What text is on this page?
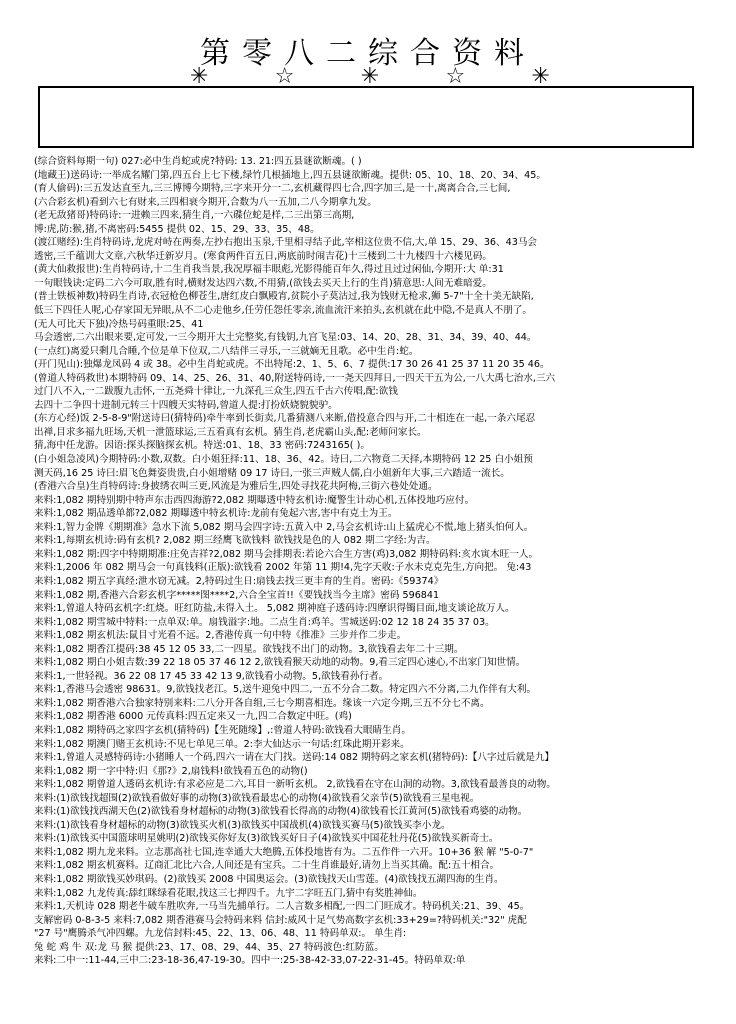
第零八二综合资料
✳	☆	✳	☆	✳
(综合资料每期一句) 027:必中生肖蛇或虎?特码: 13. 21:四五县谜欲断魂。( )
(地藏王)送码诗:一举成名耀门第,四五台上七下楼,绿竹几根插地上,四五县谜欲断魂。提供: 05、10、18、20、34、45。
(育人偷码):三五发达直至九,三三博博今期特,三字来开分一二,玄机藏得四七合,四字加三,是一十,离离合合,三七间,
(六合彩玄机)看到六七有财来,三四相衰今期开,合数为八一五加,二八今期拿九发。
(老无敌猪哥)特码诗:一进赖三四来,猜生肖,一六碟位蛇是样,二三出第三高期,
博:虎,防:猴,猪,不离密码:5455 提供 02、15、29、33、35、48。
(渡江赌经):生肖特码诗,龙虎对峙在两奏,左抄右抱出玉泉,千里相寻结子此,宰相这位贵不信,大,单 15、29、36、43马会
透密,三千蕴训大文章,六秋华迁新岁月。(寒食两件百五日,两底前时闹吉花)十三楼到二十九楼四十六楼见码。
(黄大仙救报世):生肖特码诗,十二生肖我当景,我况厚福丰眼彪,光影得能百年久,得过且过过闲仙,今期开:大 单:31
一句眼钱诀:定码二六今可取,胜有时,横财发达四六数,不用猜,(欲钱去买天上行的生肖)猜意思:人间无难暗爱。
(普土铁板神数)特码生肖诗,衣冠枪色柳苍生,唐红皮白飘殿宵,贫院小子莫沽过,我为钱财无枪求,狮 5-7"十全十美无缺陷,
低三下四任人呢,心存家国无异眼,从不二心走他乡,任劳任怨任零亲,流血流汗来拍头,玄机就在此中隐,不是真人不朋了。
(无人可比天下独)冷热号码重眼:25、41
马会透密,二六出眼来要,定可发,一三今期开大土完整奖,有钱钥,九宫飞星:03、14、20、28、31、34、39、40、44。
(一点红)离爱只剩几合睡,个位是单下位双,二八结伴三寻乐,一三就嫡无且歌。必中生肖:蛇。
(开门见山):独爆龙凤码 4 或 38。必中生肖蛇或虎。不出特尾:2、1、5、6、7 提供:17 30 26 41 25 37 11 20 35 46。
(曾道人特码救世)本期特码 09、14、25、26、31、40,附送特码诗,一一尧天四拜日,一四天干五为公,一八大禹七治水,三六
过门八不入,一二跋腹九击怀,一五尧舜十律让,一九深孔三众生,四五千古六传唱,配:欲钱
去四十二争四十进制元转三十四艘天实特码,曾道人提:打扮妖娆貌貌驴。
(东方心经)饭 2-5-8-9"附送诗曰(猜特码)牵牛率到长街卖,几番猜测八来断,借投意合四与开,二十相连在一起,一条六尾忍
出禅,目求多福九旺场,天机一泄篮球运,三五看真有玄机。猜生肖,老虎霸山头,配:老师问家长。
猜,海中任龙游。因语:探头探脑探玄机。特送:01、18、33 密码:7243165( )。
(白小姐急凌风)今期特码:小数,双数。白小姐狂择:11、18、36、42。诗曰,二六物竟二天择,本期特码 12 25 白小姐预
测天码,16 25 诗曰:眉飞色舞姿贵贵,白小姐增赌 09 17 诗曰,一张三声贼人儒,白小姐新年大事,三六踏适一流长。
(香港六合皇)生肖特码诗:身披绣衣叫三更,风流是为雅后生,四处寻找花共阿梅,三街六巷处处通。
来料:1,082 期特别期中特声东击西四海游?2,082 期曝透中特玄机诗:魔警生计动心机,五体投地巧应付。
来料:1,082 期品透单都?2,082 期曝透中特玄机诗:龙前有兔起六害,害中有克土为王。
来料:1,智力金牌《期期准》急水下流 5,082 期马会四字诗:五黄入中 2,马会玄机诗:山上猛虎心不慌,地上猪头怕何人。
来料:1,每期玄机诗:码有玄机? 2,082 期三经鹰飞欲钱料 欲钱找是色的人 082 期二字经:为吉。
来料:1,082 期:四字中特期期准:庄免吉祥?2,082 期马会排期表:若论六合生方害(鸡)3,082 期特码料:亥水寅木旺一人。
来料:1,2006 年 082 期马会一句真钱料(正版):欲钱看 2002 年第 11 期!4,先字天收:子水未克克先生,方向把。 兔:43
来料:1,082 期五字真经:泄水窃无减。2,特码过生日:扇钱去找三更丰育的生肖。密码:《59374》
来料:1,082 期,香港六合彩玄机字*****图****2,六合全宝首!!《要钱找当今主席》密码 596841
来料:1,曾道人特码玄机字:红烧。旺红防盐,未得入土。 5,082 期神庭子透码诗:四摩识得镯目面,地支谈论故万人。
来料:1,082 期雪城中特料:一点单双:单。扇钱溢字:地。二点生肖:鸡羊。雪城送码:02 12 18 24 35 37 03。
来料:1,082 期玄机法:鼠目寸光看不远。2,香港传真一句中特《推准》三步并作二步走。
来料:1,082 期香江提码:38 45 12 05 33,二一四星。欲钱找不出门的动物。3,欲钱看去年二十三期。
来料:1,082 期白小姐吉数:39 22 18 05 37 46 12 2,欲钱看猴天动地的动物。9,看三定四心速心,不出家门知世情。
来料:1,一世轻视。36 22 08 17 45 33 42 13 9,欲钱看小动物。5,欲钱看孙行者。
来料:1,香港马会透密 98631。9,欲钱找老江。5,送牛迎兔中四二,一五不分合二数。特定四六不分离,二九作伴有大利。
来料:1,082 期香港六合独家特别来料:二八分开各自组,三七今期喜相连。缘该一六定今期,三五不分七不离。
来料:1,082 期香港 6000 元传真料:四五定来又一九,四二合数定中旺。(鸡)
来料:1,082 期特码之家四字玄机(猜特码)【生死随缘】,:曾道人特码:欲钱看大眼睛生肖。
来料:1,082 期澳门赌王玄机诗:不见七单见三单。2:李大仙达示一句话:红珠此期开彩来。
来料:1,曾道人灵感特码诗:小猪睡人一个码,四六一请在大门找。送码:14 082 期特码之家玄机(猪特码):【八字过后就是九】
来料:1,082 期一字中特:归《那?》2,扇钱料!欲钱看五色的动物()
来料:1,082 期曾道人透码玄机诗:有求必应是二六,耳目一新听玄机。 2,欲钱看在守在山洞的动物。3,欲钱看最善良的动物。
来料:(1)欲钱找超围(2)欲钱看做好事的动物(3)欲钱看最忠心的动物(4)欲钱看父亲节(5)欲钱看三星电视。
来料:(1)欲钱找西湖天色(2)欲钱看身材超标的动物(3)欲钱看长得高的动物(4)欲钱看长江黄河(5)欲钱看鸡婆的动物。
来料:(1)欲钱看身材超标的动物(3)欲钱买火机(3)欲钱买中国战机(4)欲钱买赛马(5)欲钱买李小龙。
来料:(1)欲钱买中国篮球明星姚明(2)欲钱买你好友(3)欲钱买好日子(4)欲钱买中国花牡丹花(5)欲钱买新奇士。
来料:1,082 期九龙来料。立志那高社七国,连幸通大大绝腾,五体投地皆有为。二五作件一六开。10+36 猴 解 "5-0-7"
来料:1,082 期玄机赛料。辽商汇北比六合,人间还是有宝兵。二十生肖谁最好,请勿上当买其确。配:五十相合。
来料:1,082 期欲钱买妙琪码。(2)欲钱买 2008 中国奥运会。(3)欲钱找天山雪莲。(4)欲钱找五湖四海的生肖。
来料:1,082 九龙传真:舔红眯绿看花眼,找这三七押四千。九宇二字旺五门,猜中有奖胜神仙。
来料:1,天机诗 028 期老牛破车胜吹奔,一马当先捕单行。二人言数多相配,一四二门旺成才。特码机关:21、39、45。
支解密码 0-8-3-5 来料:7,082 期香港赛马会特码来料 信封:威风十足气势高数字玄机:33+29=?特码机关:"32" 虎配
"27 号"鹰腾杀气冲四螺。九龙信封料:45、22、13、06、48、11 特码单双:。 单生肖:
兔 蛇 鸡 牛 双:龙 马 猴 提供:23、17、08、29、44、35、27 特码波色:红防蓝。
来料:二中一:11-44,三中二:23-18-36,47-19-30。四中一:25-38-42-33,07-22-31-45。特码单双:单
